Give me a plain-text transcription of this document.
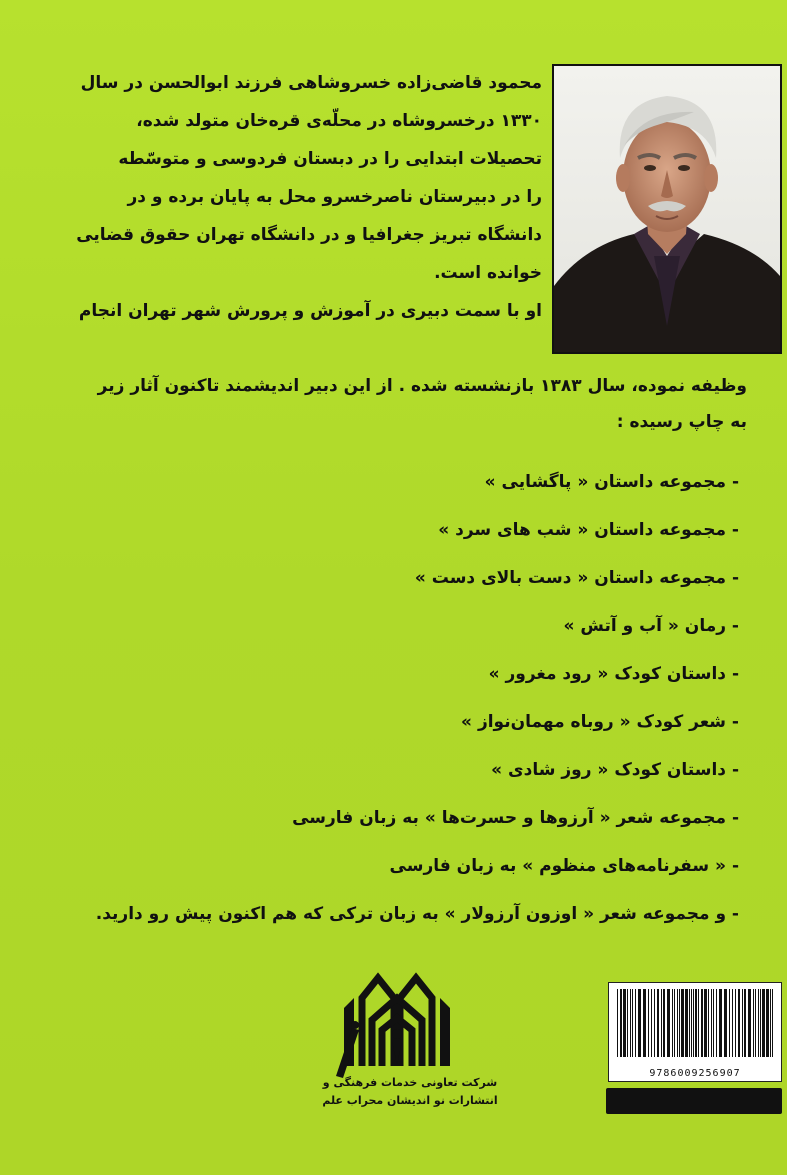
محمود قاضی‌زاده خسروشاهی فرزند ابوالحسن در سال

۱۳۳۰ درخسروشاه در محلّه‌ی قره‌خان متولد شده،

تحصیلات ابتدایی را در دبستان فردوسی و متوسّطه

را در دبیرستان ناصرخسرو محل به پایان برده و در

دانشگاه تبریز جغرافیا و در دانشگاه تهران حقوق قضایی

خوانده است.

او با سمت دبیری در آموزش و پرورش شهر تهران انجام

وظیفه نموده، سال ۱۳۸۳ بازنشسته شده . از این دبیر اندیشمند تاکنون آثار زیر

به چاپ رسیده :

- مجموعه داستان « پاگشایی »
- مجموعه داستان « شب های سرد »
- مجموعه داستان « دست بالای دست »
- رمان « آب و آتش »
- داستان کودک « رود مغرور »
- شعر کودک « روباه مهمان‌نواز »
- داستان کودک « روز شادی »
- مجموعه شعر « آرزوها و حسرت‌ها » به زبان فارسی
- « سفرنامه‌های منظوم » به زبان فارسی
- و مجموعه شعر « اوزون آرزولار » به زبان ترکی که هم اکنون پیش رو دارید.

شرکت تعاونی خدمات فرهنگی و

انتشارات نو اندیشان محراب علم

9786009256907
